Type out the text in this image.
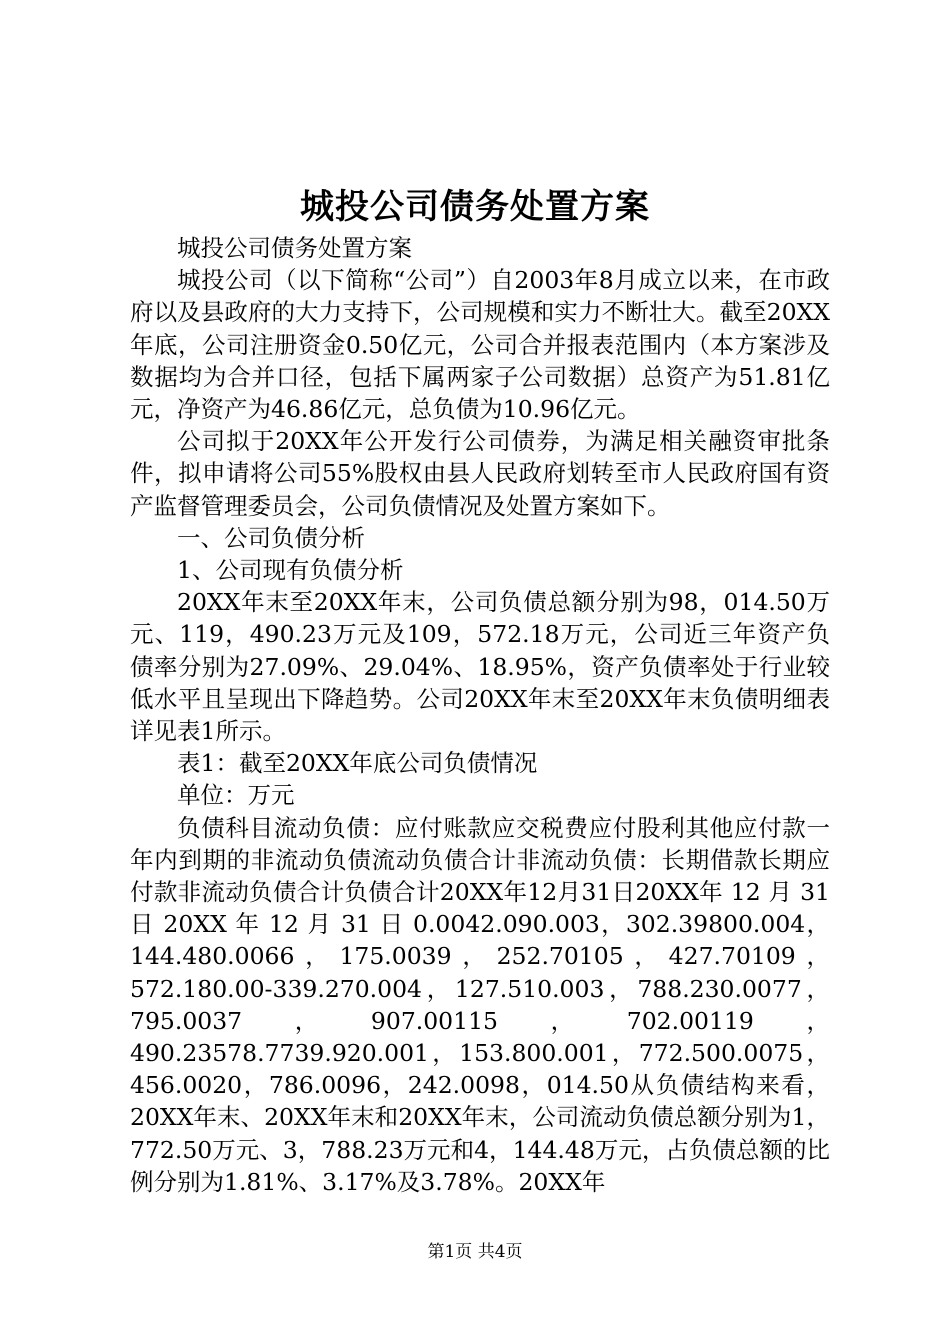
城投公司债务处置方案

城投公司债务处置方案

城投公司（以下简称“公司”）自2003年8月成立以来，在市政府以及县政府的大力支持下，公司规模和实力不断壮大。截至20XX年底，公司注册资金0.50亿元，公司合并报表范围内（本方案涉及数据均为合并口径，包括下属两家子公司数据）总资产为51.81亿元，净资产为46.86亿元，总负债为10.96亿元。

公司拟于20XX年公开发行公司债券，为满足相关融资审批条件，拟申请将公司55%股权由县人民政府划转至市人民政府国有资产监督管理委员会，公司负债情况及处置方案如下。

一、公司负债分析

1、公司现有负债分析

20XX年末至20XX年末，公司负债总额分别为98，014.50万元、119，490.23万元及109，572.18万元，公司近三年资产负债率分别为27.09%、29.04%、18.95%，资产负债率处于行业较低水平且呈现出下降趋势。公司20XX年末至20XX年末负债明细表详见表1所示。

表1：截至20XX年底公司负债情况

单位：万元

负债科目流动负债：应付账款应交税费应付股利其他应付款一年内到期的非流动负债流动负债合计非流动负债：长期借款长期应付款非流动负债合计负债合计20XX年12月31日20XX年 12 月 31 日 20XX 年 12 月 31 日 0.0042.090.003，302.39800.004，144.480.0066，175.0039，252.70105，427.70109，572.180.00-339.270.004，127.510.003，788.230.0077，795.0037，907.00115，702.00119，490.23578.7739.920.001，153.800.001，772.500.0075，456.0020，786.0096，242.0098，014.50从负债结构来看，20XX年末、20XX年末和20XX年末，公司流动负债总额分别为1，772.50万元、3，788.23万元和4，144.48万元，占负债总额的比例分别为1.81%、3.17%及3.78%。20XX年

第1页 共4页
